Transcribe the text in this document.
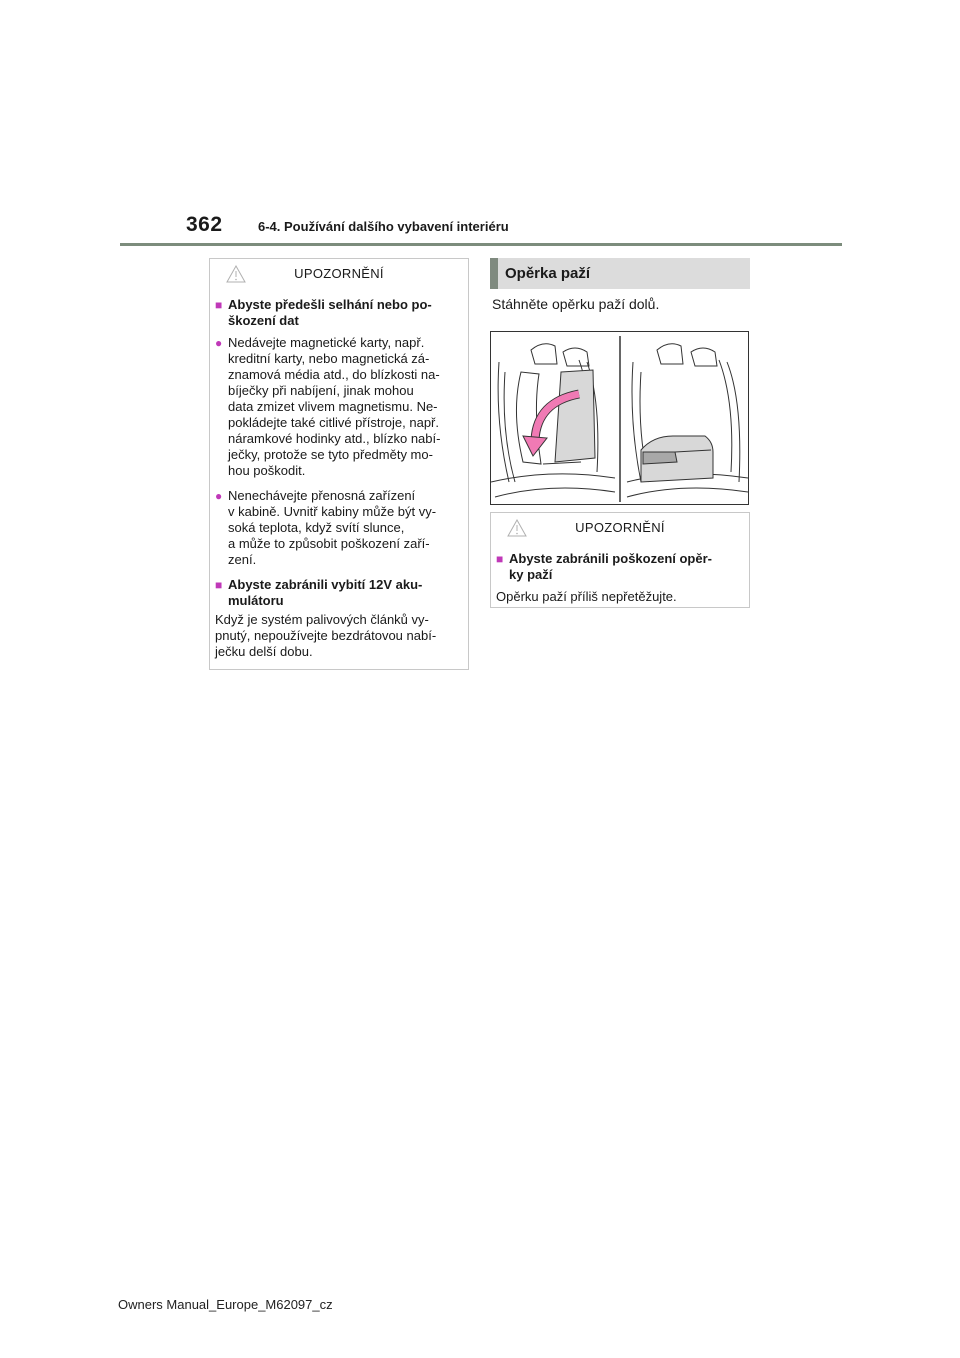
362	6-4. Používání dalšího vybavení interiéru
UPOZORNĚNÍ
■ Abyste předešli selhání nebo po-
škození dat
● Nedávejte magnetické karty, např.
kreditní karty, nebo magnetická zá-
znamová média atd., do blízkosti na-
bíječky při nabíjení, jinak mohou
data zmizet vlivem magnetismu. Ne-
pokládejte také citlivé přístroje, např.
náramkové hodinky atd., blízko nabí-
ječky, protože se tyto předměty mo-
hou poškodit.
● Nenechávejte přenosná zařízení
v kabině. Uvnitř kabiny může být vy-
soká teplota, když svítí slunce,
a může to způsobit poškození zaří-
zení.
■ Abyste zabránili vybití 12V aku-
mulátoru
Když je systém palivových článků vy-
pnutý, nepoužívejte bezdrátovou nabí-
ječku delší dobu.
Opěrka paží
Stáhněte opěrku paží dolů.
UPOZORNĚNÍ
■ Abyste zabránili poškození opěr-
ky paží
Opěrku paží příliš nepřetěžujte.
Owners Manual_Europe_M62097_cz
